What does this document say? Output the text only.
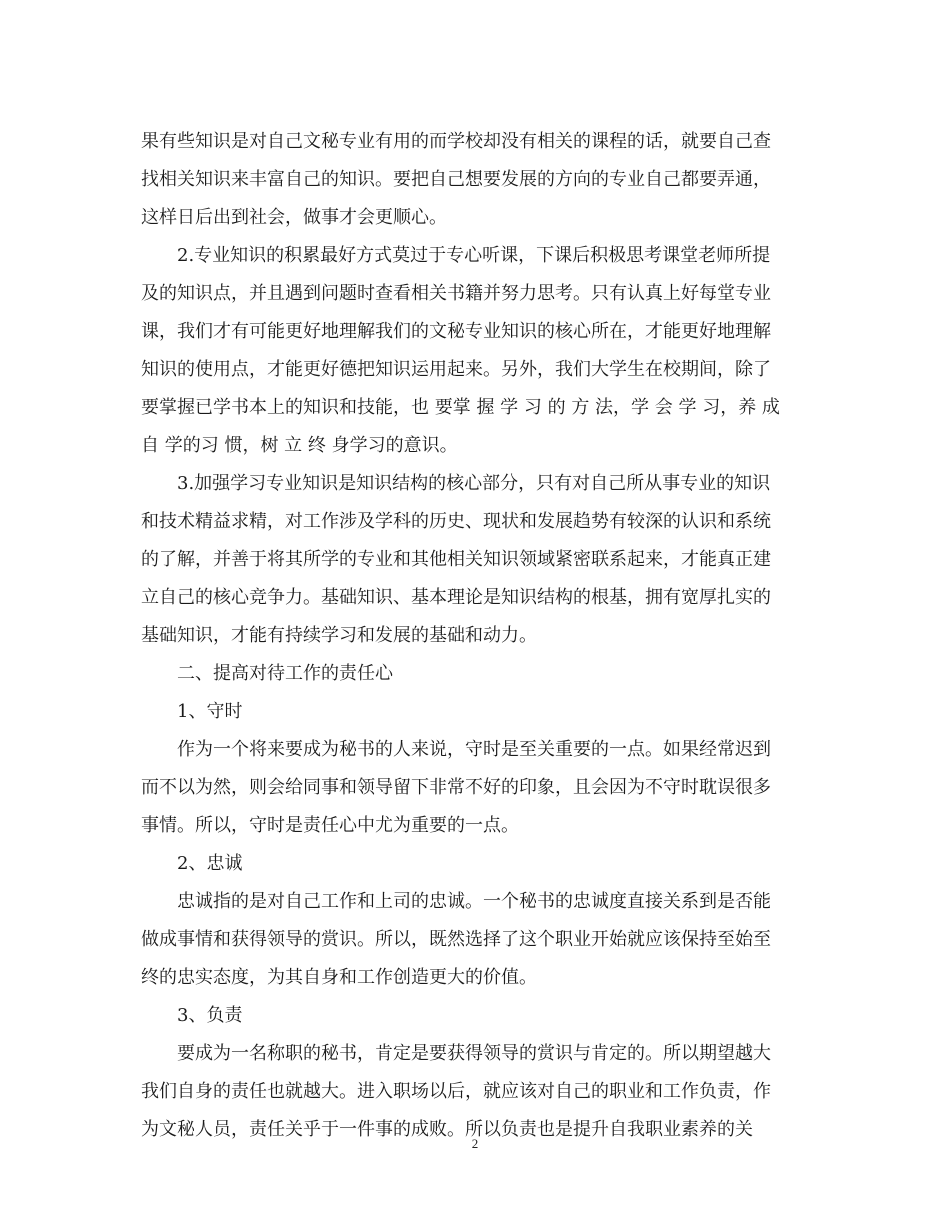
果有些知识是对自己文秘专业有用的而学校却没有相关的课程的话，就要自己查
找相关知识来丰富自己的知识。要把自己想要发展的方向的专业自己都要弄通，
这样日后出到社会，做事才会更顺心。
2.专业知识的积累最好方式莫过于专心听课，下课后积极思考课堂老师所提
及的知识点，并且遇到问题时查看相关书籍并努力思考。只有认真上好每堂专业
课，我们才有可能更好地理解我们的文秘专业知识的核心所在，才能更好地理解
知识的使用点，才能更好德把知识运用起来。另外，我们大学生在校期间，除了
要掌握已学书本上的知识和技能，也 要掌 握 学 习 的 方 法，学 会 学 习，养 成
自 学的习 惯，树 立 终 身学习的意识。
3.加强学习专业知识是知识结构的核心部分，只有对自己所从事专业的知识
和技术精益求精，对工作涉及学科的历史、现状和发展趋势有较深的认识和系统
的了解，并善于将其所学的专业和其他相关知识领域紧密联系起来，才能真正建
立自己的核心竞争力。基础知识、基本理论是知识结构的根基，拥有宽厚扎实的
基础知识，才能有持续学习和发展的基础和动力。
二、提高对待工作的责任心
1、守时
作为一个将来要成为秘书的人来说，守时是至关重要的一点。如果经常迟到
而不以为然，则会给同事和领导留下非常不好的印象，且会因为不守时耽误很多
事情。所以，守时是责任心中尤为重要的一点。
2、忠诚
忠诚指的是对自己工作和上司的忠诚。一个秘书的忠诚度直接关系到是否能
做成事情和获得领导的赏识。所以，既然选择了这个职业开始就应该保持至始至
终的忠实态度，为其自身和工作创造更大的价值。
3、负责
要成为一名称职的秘书，肯定是要获得领导的赏识与肯定的。所以期望越大
我们自身的责任也就越大。进入职场以后，就应该对自己的职业和工作负责，作
为文秘人员，责任关乎于一件事的成败。所以负责也是提升自我职业素养的关
2
